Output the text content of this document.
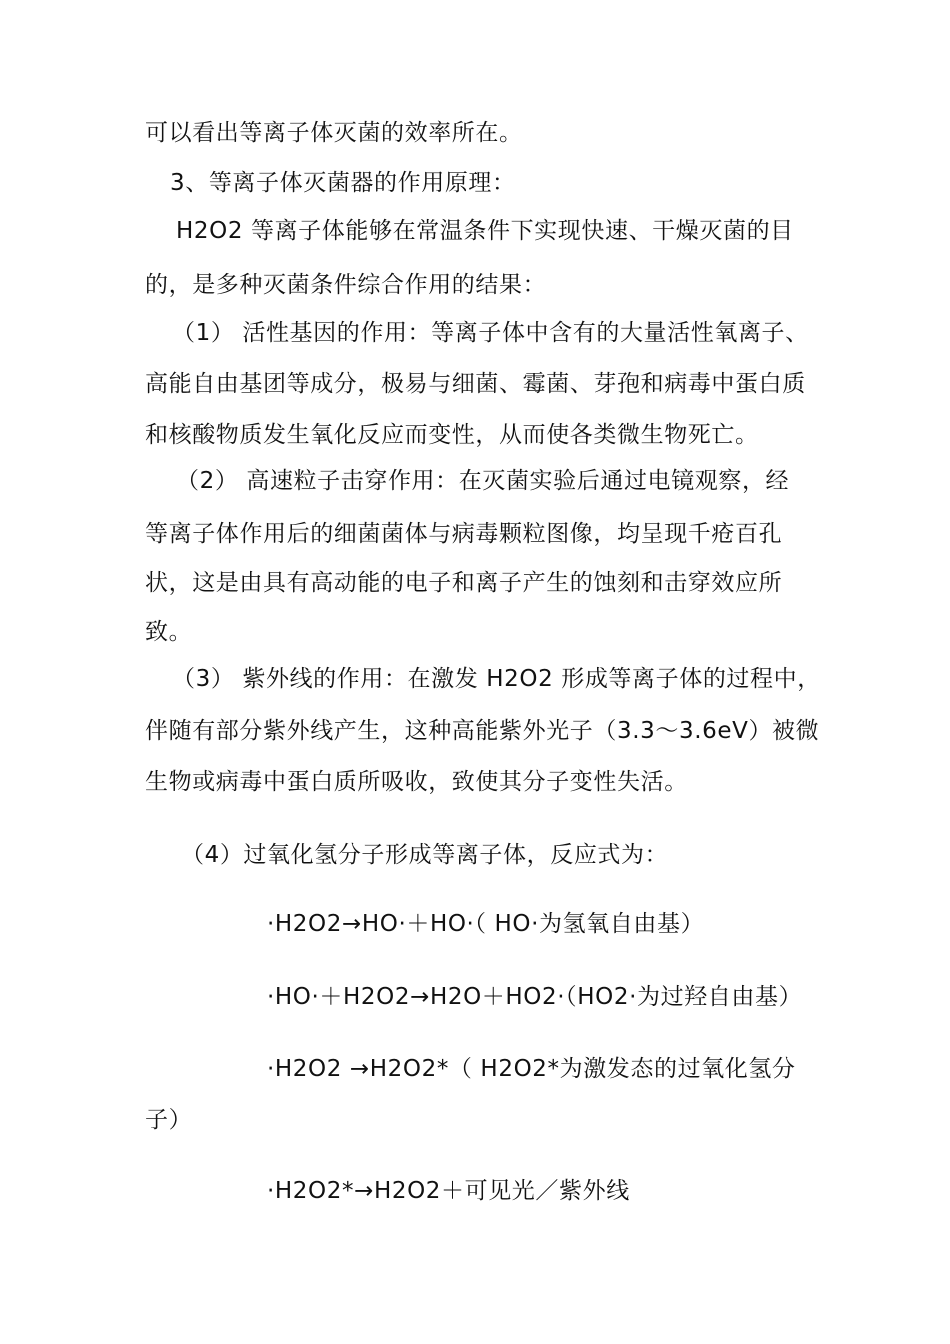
可以看出等离子体灭菌的效率所在。
3、等离子体灭菌器的作用原理：
H2O2 等离子体能够在常温条件下实现快速、干燥灭菌的目
的，是多种灭菌条件综合作用的结果：
（1） 活性基因的作用：等离子体中含有的大量活性氧离子、
高能自由基团等成分，极易与细菌、霉菌、芽孢和病毒中蛋白质
和核酸物质发生氧化反应而变性，从而使各类微生物死亡。
（2） 高速粒子击穿作用：在灭菌实验后通过电镜观察，经
等离子体作用后的细菌菌体与病毒颗粒图像，均呈现千疮百孔
状，这是由具有高动能的电子和离子产生的蚀刻和击穿效应所
致。
（3） 紫外线的作用：在激发 H2O2 形成等离子体的过程中，
伴随有部分紫外线产生，这种高能紫外光子（3.3～3.6eV）被微
生物或病毒中蛋白质所吸收，致使其分子变性失活。
（4）过氧化氢分子形成等离子体，反应式为：
·H2O2→HO·＋HO·（ HO·为氢氧自由基）
·HO·＋H2O2→H2O＋HO2·（HO2·为过羟自由基）
·H2O2 →H2O2*（ H2O2*为激发态的过氧化氢分
子）
·H2O2*→H2O2＋可见光／紫外线
